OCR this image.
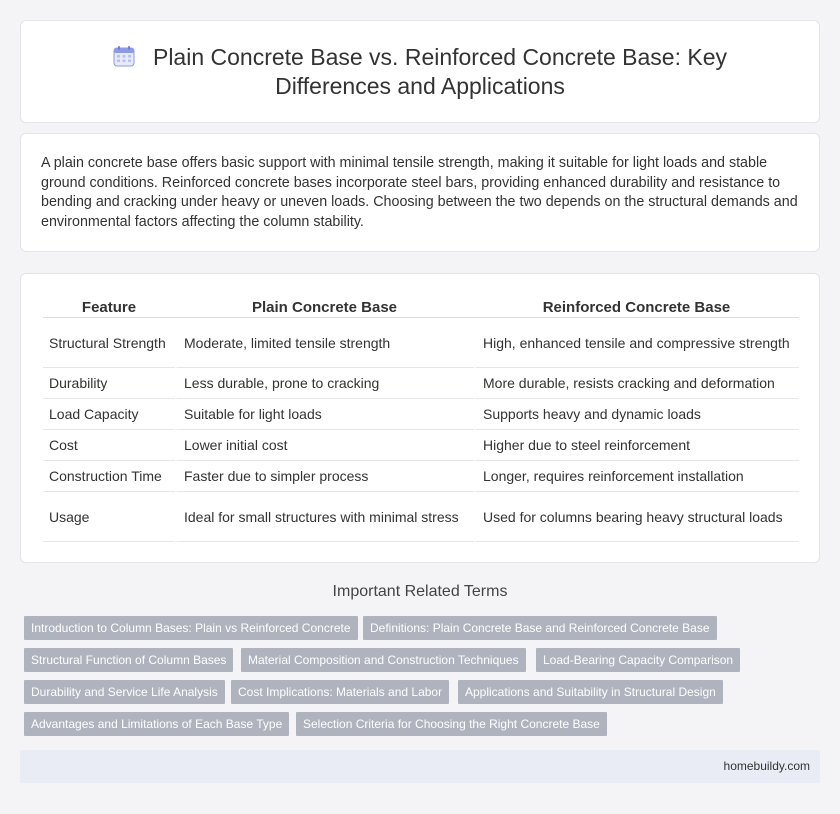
Plain Concrete Base vs. Reinforced Concrete Base: Key Differences and Applications

A plain concrete base offers basic support with minimal tensile strength, making it suitable for light loads and stable ground conditions. Reinforced concrete bases incorporate steel bars, providing enhanced durability and resistance to bending and cracking under heavy or uneven loads. Choosing between the two depends on the structural demands and environmental factors affecting the column stability.

Feature	Plain Concrete Base	Reinforced Concrete Base
Structural Strength	Moderate, limited tensile strength	High, enhanced tensile and compressive strength
Durability	Less durable, prone to cracking	More durable, resists cracking and deformation
Load Capacity	Suitable for light loads	Supports heavy and dynamic loads
Cost	Lower initial cost	Higher due to steel reinforcement
Construction Time	Faster due to simpler process	Longer, requires reinforcement installation
Usage	Ideal for small structures with minimal stress	Used for columns bearing heavy structural loads
Important Related Terms
Introduction to Column Bases: Plain vs Reinforced Concrete	Definitions: Plain Concrete Base and Reinforced Concrete Base
Structural Function of Column Bases	Material Composition and Construction Techniques	Load-Bearing Capacity Comparison
Durability and Service Life Analysis	Cost Implications: Materials and Labor	Applications and Suitability in Structural Design
Advantages and Limitations of Each Base Type	Selection Criteria for Choosing the Right Concrete Base
homebuildy.com
